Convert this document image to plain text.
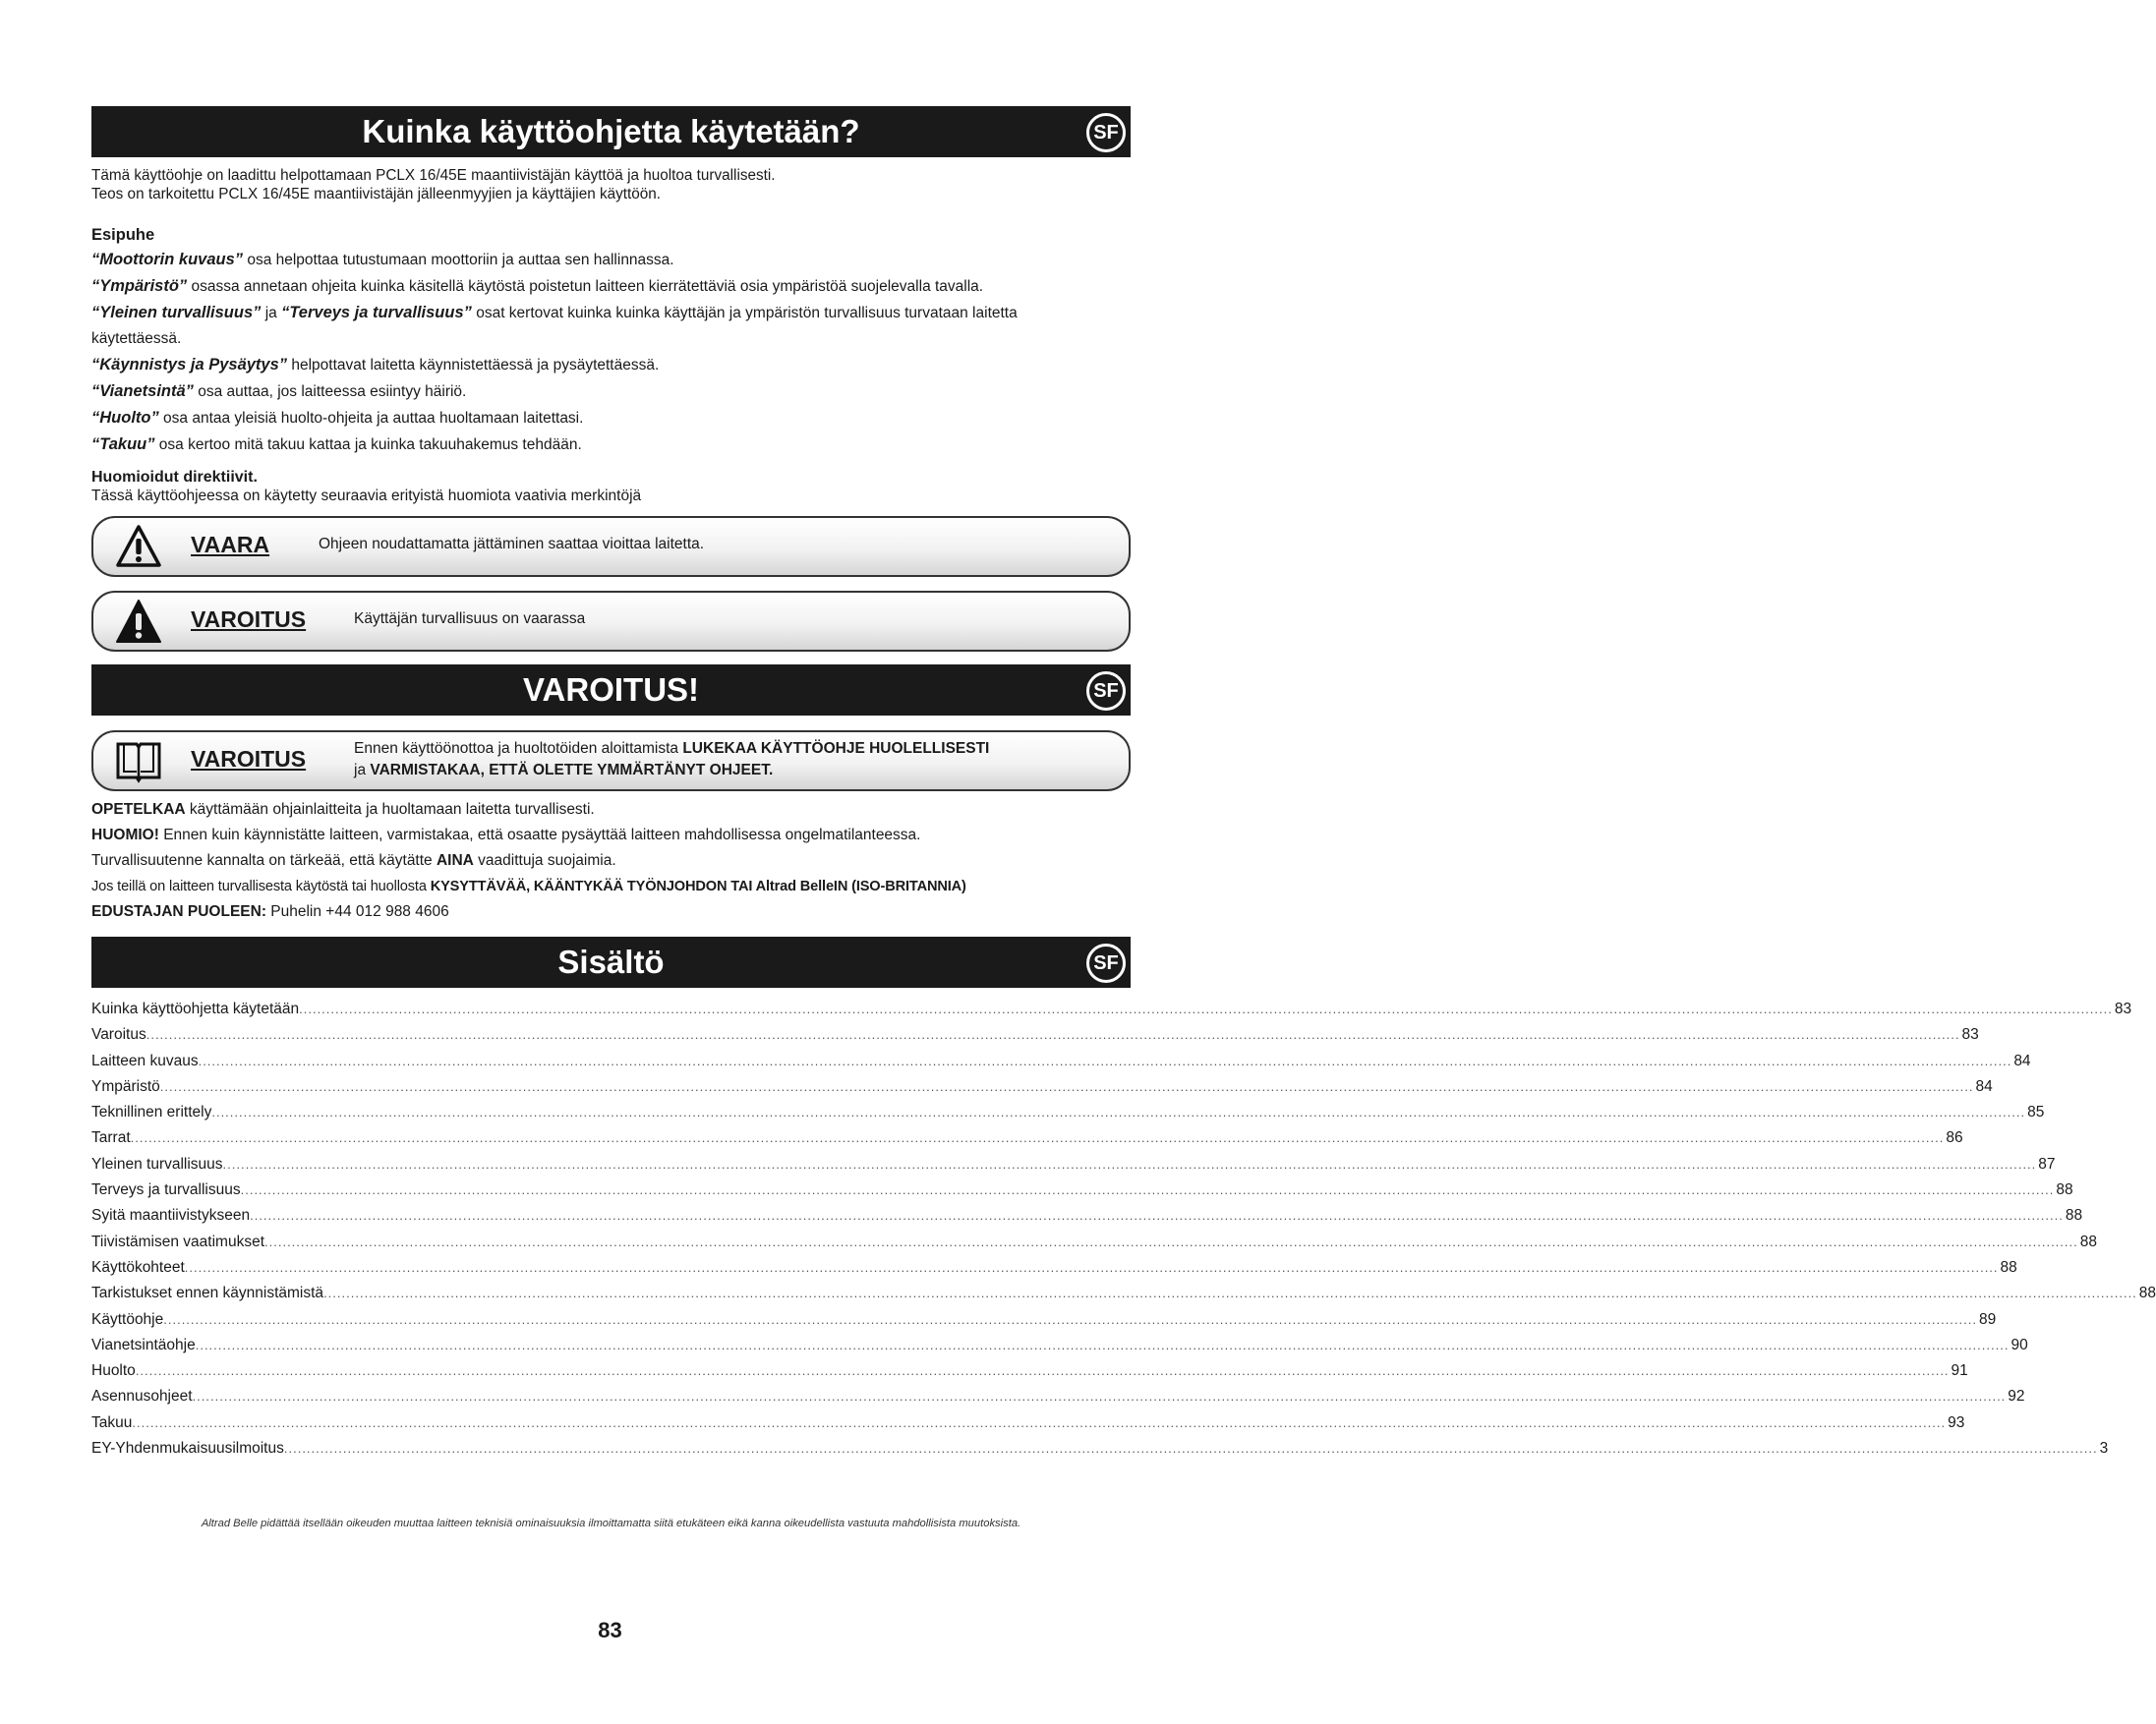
Kuinka käyttöohjetta käytetään?	SF

Tämä käyttöohje on laadittu helpottamaan PCLX 16/45E maantiivistäjän käyttöä ja huoltoa turvallisesti.

Teos on tarkoitettu PCLX 16/45E maantiivistäjän jälleenmyyjien ja käyttäjien käyttöön.

Esipuhe

“Moottorin kuvaus” osa helpottaa tutustumaan moottoriin ja auttaa sen hallinnassa.

“Ympäristö” osassa annetaan ohjeita kuinka käsitellä käytöstä poistetun laitteen kierrätettäviä osia ympäristöä suojelevalla tavalla.

“Yleinen turvallisuus” ja “Terveys ja turvallisuus” osat kertovat kuinka kuinka käyttäjän ja ympäristön turvallisuus turvataan laitetta

käytettäessä.

“Käynnistys ja Pysäytys” helpottavat laitetta käynnistettäessä ja pysäytettäessä.

“Vianetsintä” osa auttaa, jos laitteessa esiintyy häiriö.

“Huolto” osa antaa yleisiä huolto-ohjeita ja auttaa huoltamaan laitettasi.

“Takuu” osa kertoo mitä takuu kattaa ja kuinka takuuhakemus tehdään.

Huomioidut direktiivit.

Tässä käyttöohjeessa on käytetty seuraavia erityistä huomiota vaativia merkintöjä

VAARA	Ohjeen noudattamatta jättäminen saattaa vioittaa laitetta.
VAROITUS	Käyttäjän turvallisuus on vaarassa
VAROITUS!	SF
VAROITUS	Ennen käyttöönottoa ja huoltotöiden aloittamista LUKEKAA KÄYTTÖOHJE HUOLELLISESTI
ja VARMISTAKAA, ETTÄ OLETTE YMMÄRTÄNYT OHJEET.

OPETELKAA käyttämään ohjainlaitteita ja huoltamaan laitetta turvallisesti.

HUOMIO! Ennen kuin käynnistätte laitteen, varmistakaa, että osaatte pysäyttää laitteen mahdollisessa ongelmatilanteessa.

Turvallisuutenne kannalta on tärkeää, että käytätte AINA vaadittuja suojaimia.

Jos teillä on laitteen turvallisesta käytöstä tai huollosta KYSYTTÄVÄÄ, KÄÄNTYKÄÄ TYÖNJOHDON TAI Altrad BelleIN (ISO-BRITANNIA)

EDUSTAJAN PUOLEEN: Puhelin +44 012 988 4606

Sisältö	SF
Kuinka käyttöohjetta käytetään ................................................................................................................................................................................................................................................................................................................................................................................................................ 83
Varoitus ................................................................................................................................................................................................................................................................................................................................................................................................................ 83
Laitteen kuvaus ................................................................................................................................................................................................................................................................................................................................................................................................................ 84
Ympäristö ................................................................................................................................................................................................................................................................................................................................................................................................................ 84
Teknillinen erittely ................................................................................................................................................................................................................................................................................................................................................................................................................ 85
Tarrat ................................................................................................................................................................................................................................................................................................................................................................................................................ 86
Yleinen turvallisuus ................................................................................................................................................................................................................................................................................................................................................................................................................ 87
Terveys ja turvallisuus ................................................................................................................................................................................................................................................................................................................................................................................................................ 88
Syitä maantiivistykseen ................................................................................................................................................................................................................................................................................................................................................................................................................ 88
Tiivistämisen vaatimukset ................................................................................................................................................................................................................................................................................................................................................................................................................ 88
Käyttökohteet ................................................................................................................................................................................................................................................................................................................................................................................................................ 88
Tarkistukset ennen käynnistämistä ................................................................................................................................................................................................................................................................................................................................................................................................................ 88
Käyttöohje ................................................................................................................................................................................................................................................................................................................................................................................................................ 89
Vianetsintäohje ................................................................................................................................................................................................................................................................................................................................................................................................................ 90
Huolto ................................................................................................................................................................................................................................................................................................................................................................................................................ 91
Asennusohjeet ................................................................................................................................................................................................................................................................................................................................................................................................................ 92
Takuu ................................................................................................................................................................................................................................................................................................................................................................................................................ 93
EY-Yhdenmukaisuusilmoitus ................................................................................................................................................................................................................................................................................................................................................................................................................ 3
Altrad Belle pidättää itsellään oikeuden muuttaa laitteen teknisiä ominaisuuksia ilmoittamatta siitä etukäteen eikä kanna oikeudellista vastuuta mahdollisista muutoksista.
83
